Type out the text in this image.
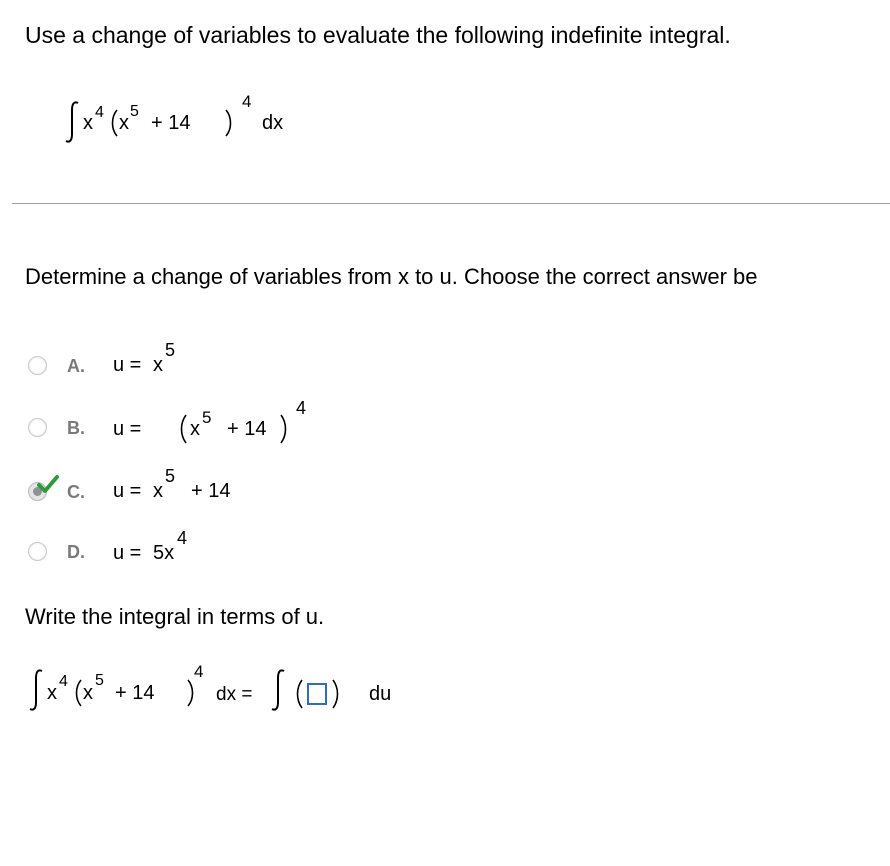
Use a change of variables to evaluate the following indefinite integral.
x 4 x
5
+ 14
4
dx
Determine a change of variables from x to u. Choose the correct answer be
A. u = x
5
B. u = x
5
+ 14
4
C. u = x
5
+ 14
D. u = 5x
4
Write the integral in terms of u.
x
4
x
5
+ 14
4
dx =	du
